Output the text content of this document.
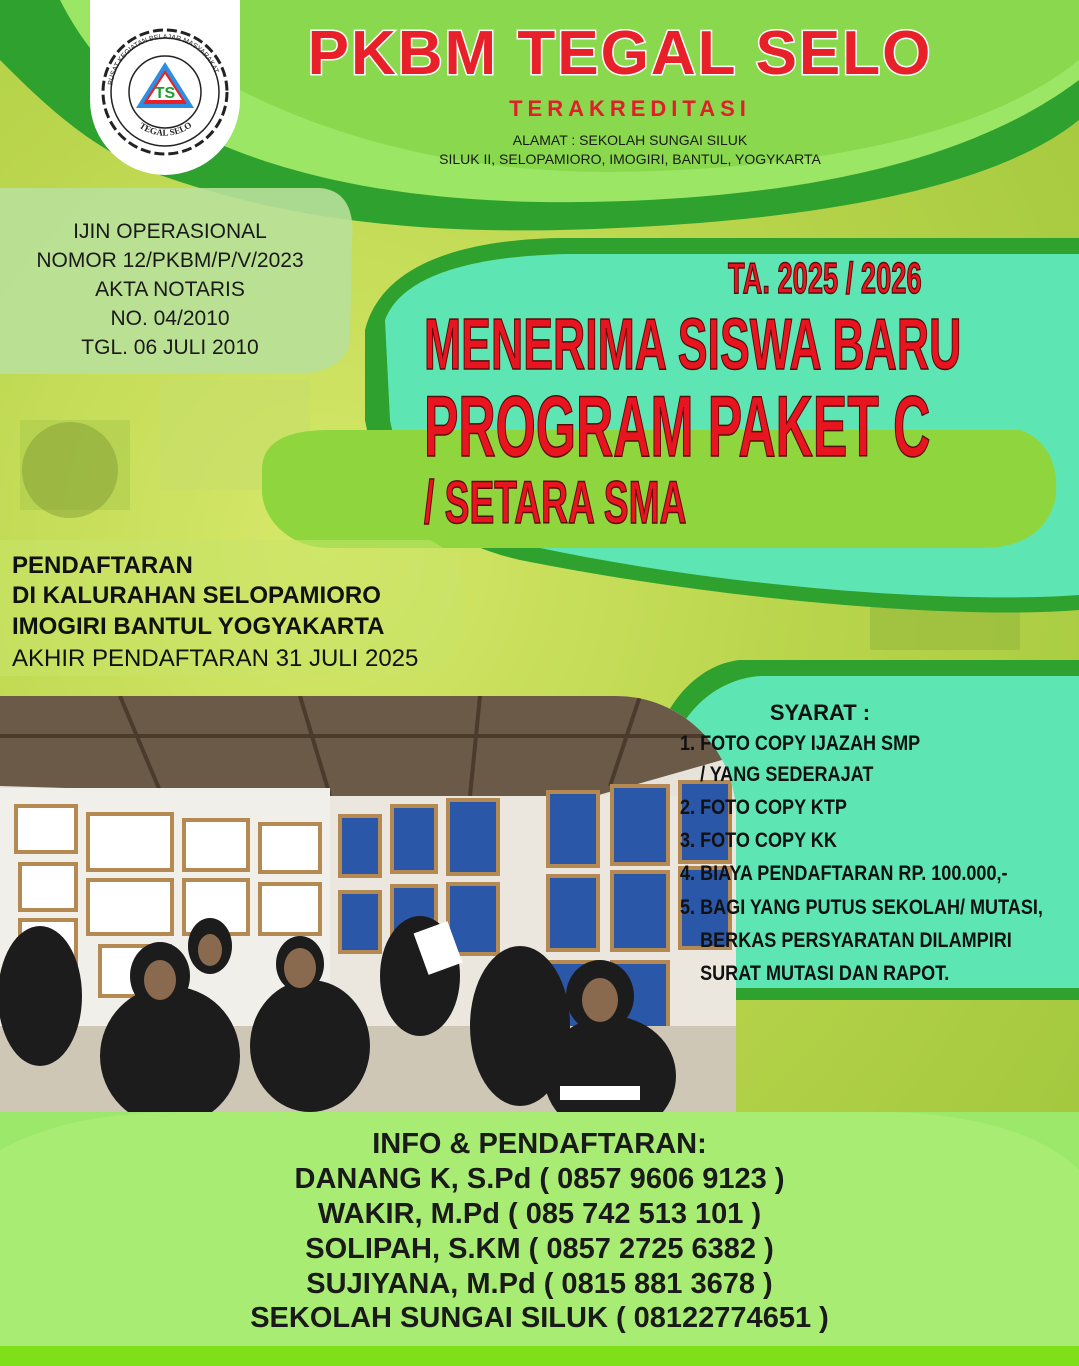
PUSAT KEGIATAN BELAJAR MASYARAKAT
TEGAL SELO
TS
PKBM TEGAL SELO
TERAKREDITASI
ALAMAT : SEKOLAH SUNGAI SILUK
SILUK II, SELOPAMIORO, IMOGIRI, BANTUL, YOGYKARTA
IJIN OPERASIONAL
NOMOR 12/PKBM/P/V/2023
AKTA NOTARIS
NO. 04/2010
TGL. 06 JULI 2010
TA. 2025 / 2026
MENERIMA SISWA BARU
PROGRAM PAKET C
/ SETARA SMA
PENDAFTARAN
DI KALURAHAN SELOPAMIORO
IMOGIRI BANTUL YOGYAKARTA
AKHIR PENDAFTARAN 31 JULI 2025
SYARAT :
1. FOTO COPY IJAZAH SMP
/ YANG SEDERAJAT
2. FOTO COPY KTP
3. FOTO COPY KK
4. BIAYA PENDAFTARAN RP. 100.000,-
5. BAGI YANG PUTUS SEKOLAH/ MUTASI,
BERKAS PERSYARATAN DILAMPIRI
SURAT MUTASI DAN RAPOT.
INFO & PENDAFTARAN:
DANANG K, S.Pd ( 0857 9606 9123 )
WAKIR, M.Pd ( 085 742 513 101 )
SOLIPAH, S.KM ( 0857 2725 6382 )
SUJIYANA, M.Pd ( 0815 881 3678 )
SEKOLAH SUNGAI SILUK ( 08122774651 )
